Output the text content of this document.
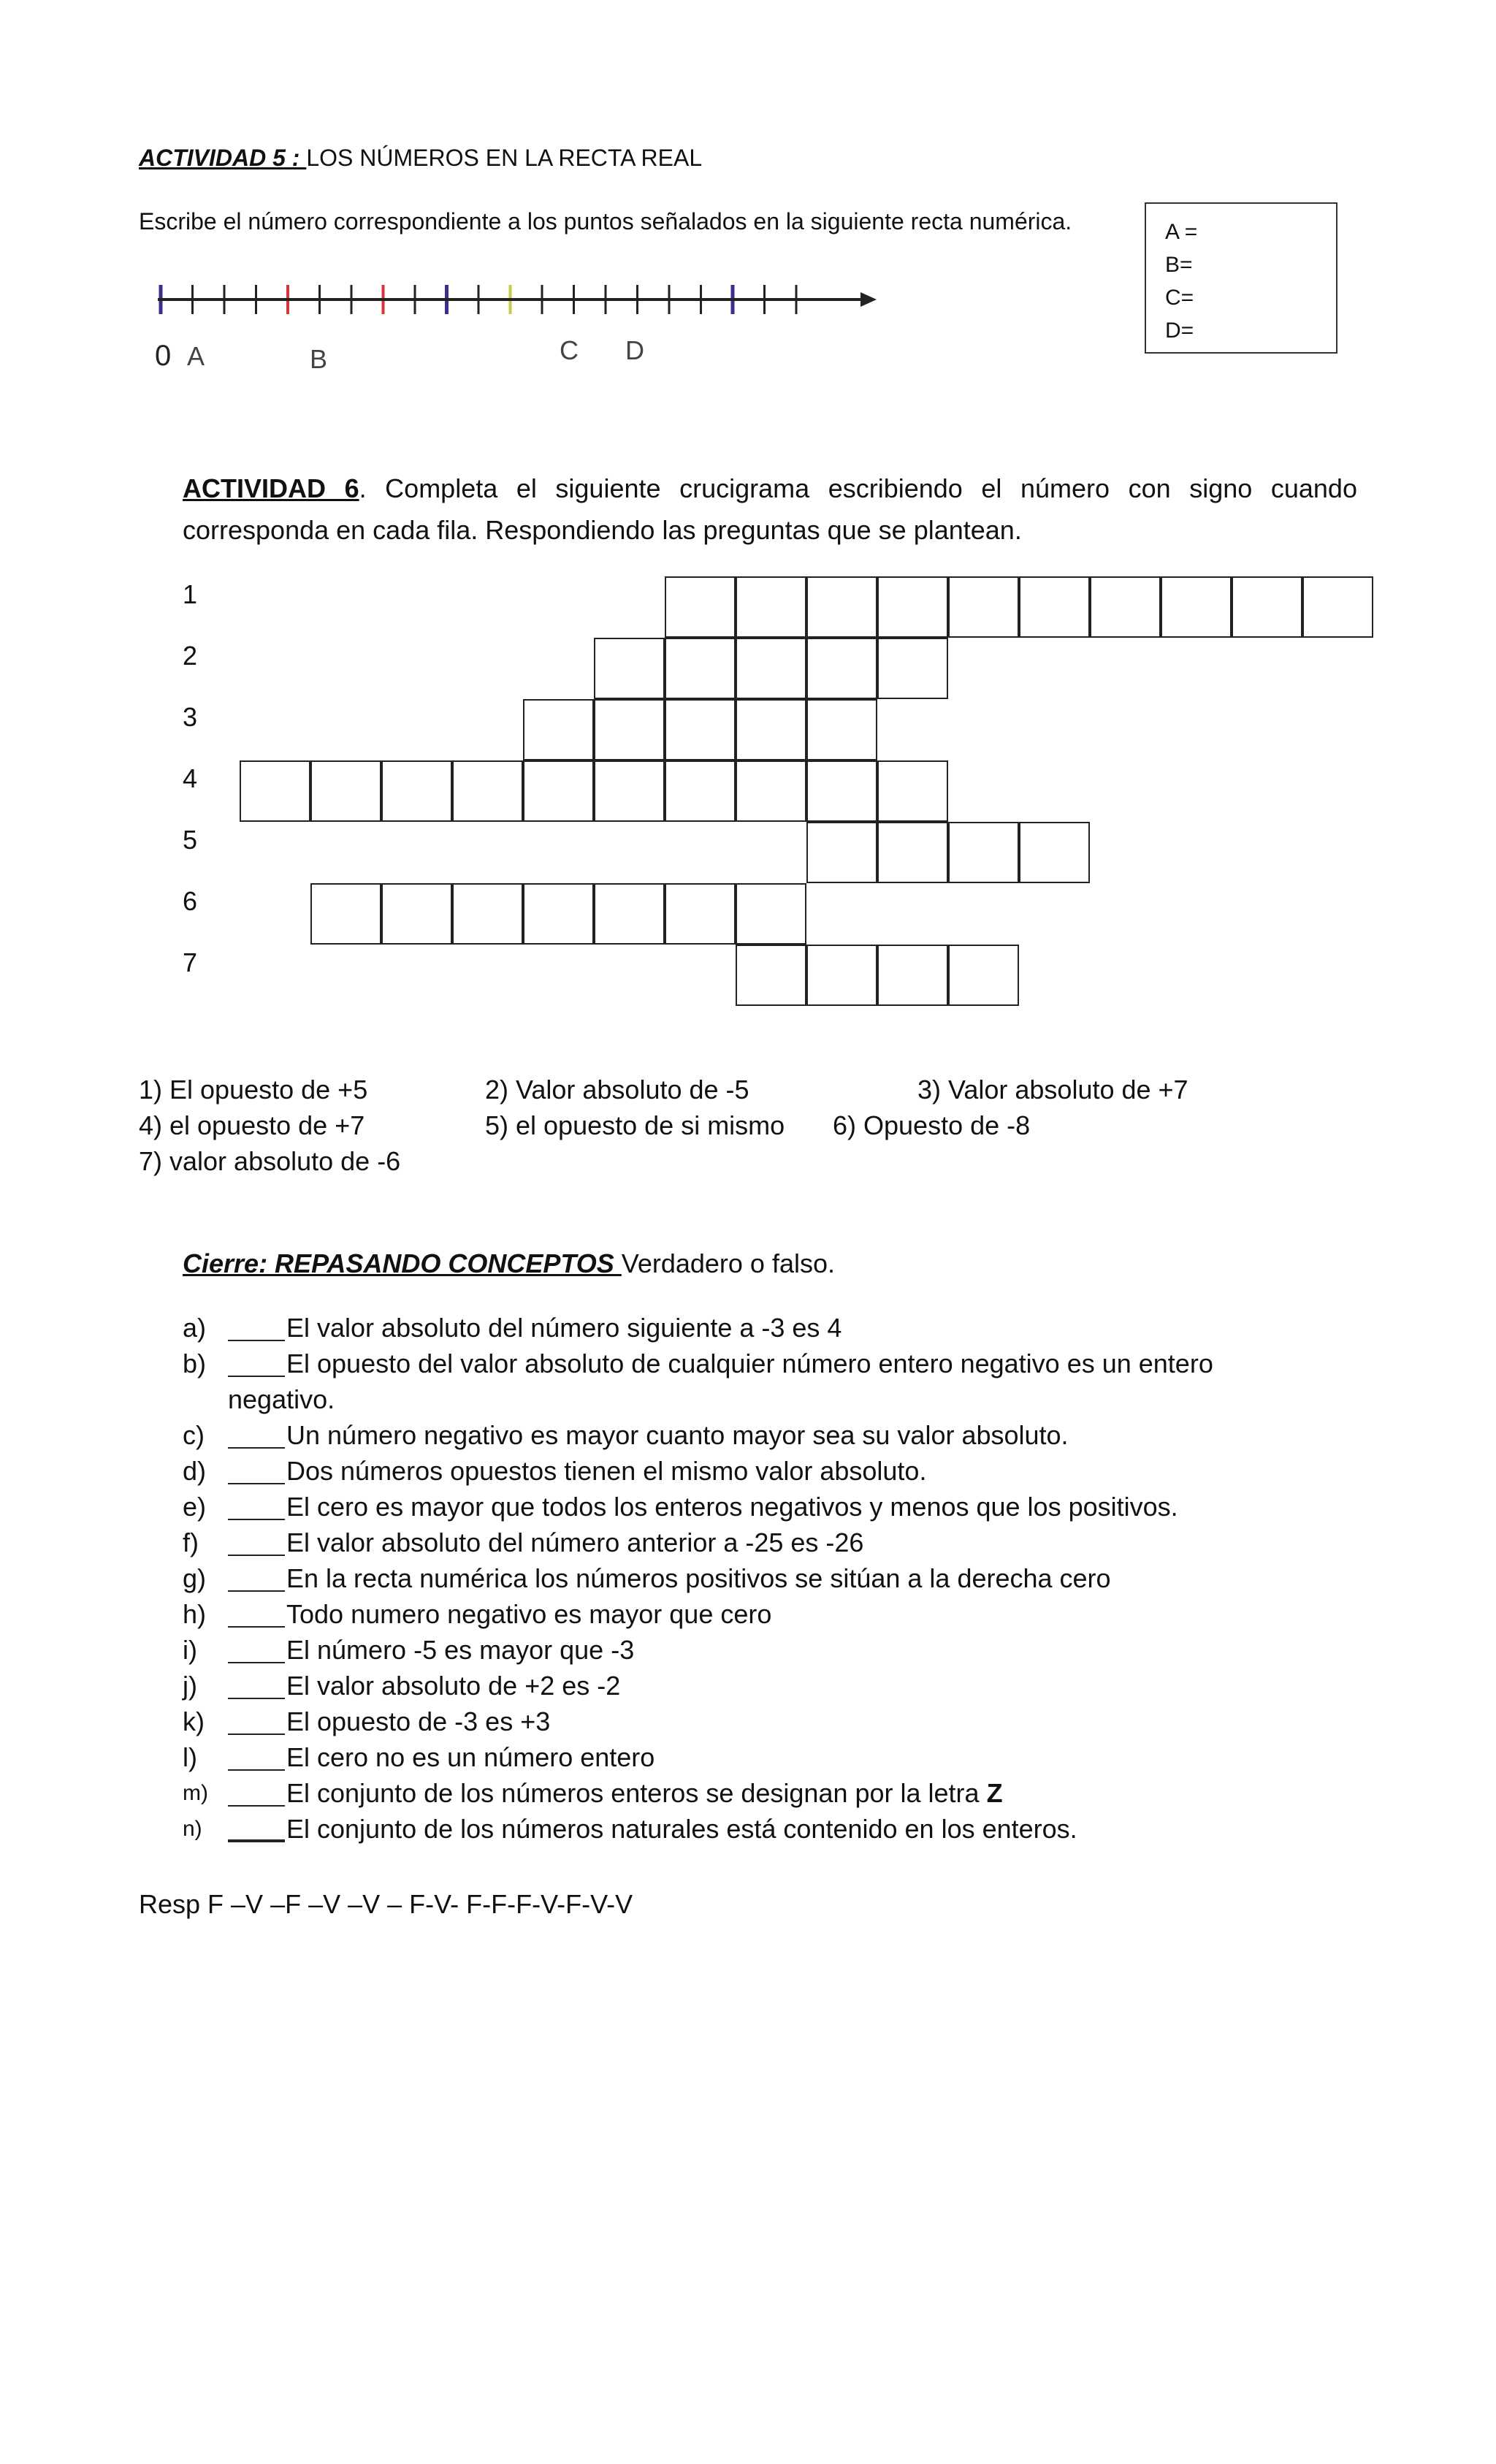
ACTIVIDAD 5 : LOS NÚMEROS EN LA RECTA REAL
Escribe el número correspondiente a los puntos señalados en la siguiente recta numérica.	A =
B=
C=
D=
0 A	B	C D
ACTIVIDAD 6. Completa el siguiente crucigrama escribiendo el número con signo cuando corresponda en cada fila. Respondiendo las preguntas que se plantean.
1
2
3
4
5
6
7
1) El opuesto de +5	2) Valor absoluto de -5	3) Valor absoluto de +7
4) el opuesto de +7	5) el opuesto de si mismo 6) Opuesto de -8
7) valor absoluto de -6
Cierre: REPASANDO CONCEPTOS Verdadero o falso.
a)	El valor absoluto del número siguiente a -3 es 4
b)	El opuesto del valor absoluto de cualquier número entero negativo es un entero
negativo.
c)	Un número negativo es mayor cuanto mayor sea su valor absoluto.
d)	Dos números opuestos tienen el mismo valor absoluto.
e)	El cero es mayor que todos los enteros negativos y menos que los positivos.
f)	El valor absoluto del número anterior a -25 es -26
g)	En la recta numérica los números positivos se sitúan a la derecha cero
h)	Todo numero negativo es mayor que cero
i)	El número -5 es mayor que -3
j)	El valor absoluto de +2 es -2
k)	El opuesto de -3 es +3
l)	El cero no es un número entero
m)	El conjunto de los números enteros se designan por la letra Z
n)	El conjunto de los números naturales está contenido en los enteros.
Resp F –V –F –V –V – F-V- F-F-F-V-F-V-V
